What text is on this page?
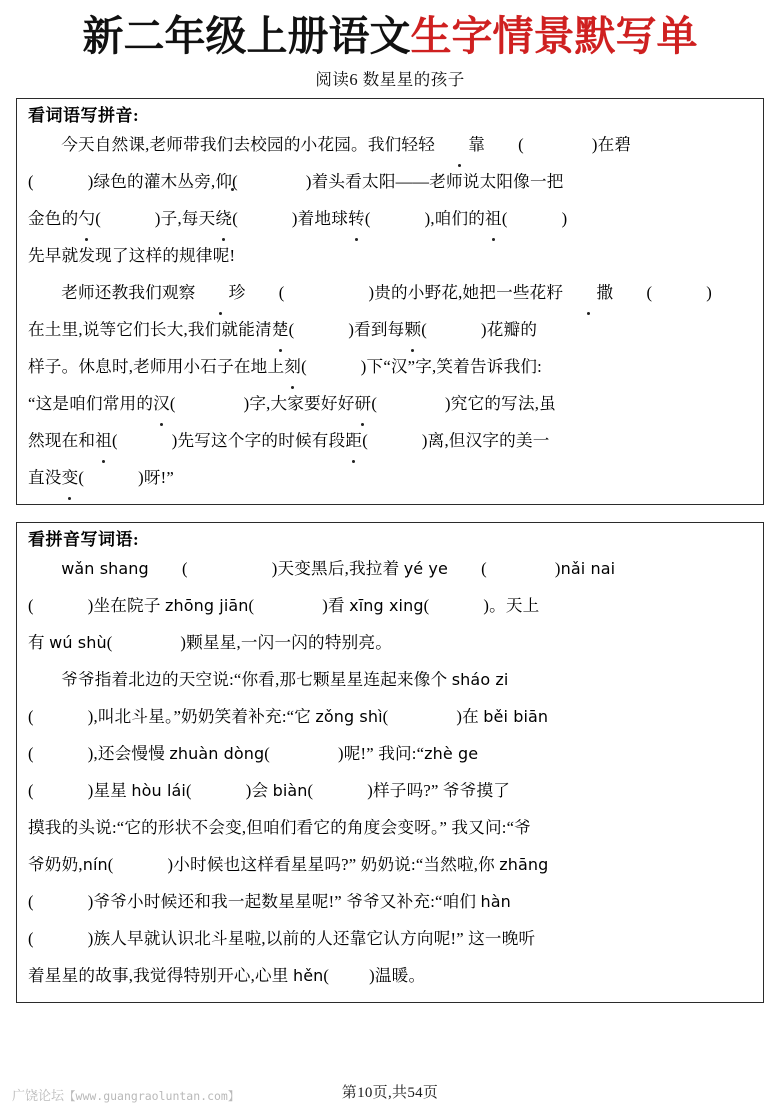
新二年级上册语文生字情景默写单
阅读6 数星星的孩子
看词语写拼音:

今天自然课,老师带我们去校园的小花园。我们轻轻 靠 (	)在碧

(	)绿色的灌木丛旁,仰(	)着头看太阳——老师说太阳像一把

金色的勺(	)子,每天绕(	)着地球转(	),咱们的祖(	)

先早就发现了这样的规律呢!

老师还教我们观察 珍 (	)贵的小野花,她把一些花籽 撒 (	)

在土里,说等它们长大,我们就能清楚(	)看到每颗(	)花瓣的

样子。休息时,老师用小石子在地上刻(	)下“汉”字,笑着告诉我们:

“这是咱们常用的汉(	)字,大家要好好研(	)究它的写法,虽

然现在和祖(	)先写这个字的时候有段距(	)离,但汉字的美一

直没变(	)呀!”

看拼音写词语:

wǎn shang (	)天变黑后,我拉着 yé ye (	)nǎi nai

(	)坐在院子 zhōng jiān(	)看 xīng xing(	)。天上

有 wú shù(	)颗星星,一闪一闪的特别亮。

爷爷指着北边的天空说:“你看,那七颗星星连起来像个 sháo zi

(	),叫北斗星。”奶奶笑着补充:“它 zǒng shì(	)在 běi biān

(	),还会慢慢 zhuàn dòng(	)呢!” 我问:“zhè ge

(	)星星 hòu lái(	)会 biàn(	)样子吗?” 爷爷摸了

摸我的头说:“它的形状不会变,但咱们看它的角度会变呀。” 我又问:“爷

爷奶奶,nín(	)小时候也这样看星星吗?” 奶奶说:“当然啦,你 zhāng

(	)爷爷小时候还和我一起数星星呢!” 爷爷又补充:“咱们 hàn

(	)族人早就认识北斗星啦,以前的人还靠它认方向呢!” 这一晚听

着星星的故事,我觉得特别开心,心里 hěn( )温暖。

广饶论坛【www.guangraoluntan.com】	第10页,共54页
